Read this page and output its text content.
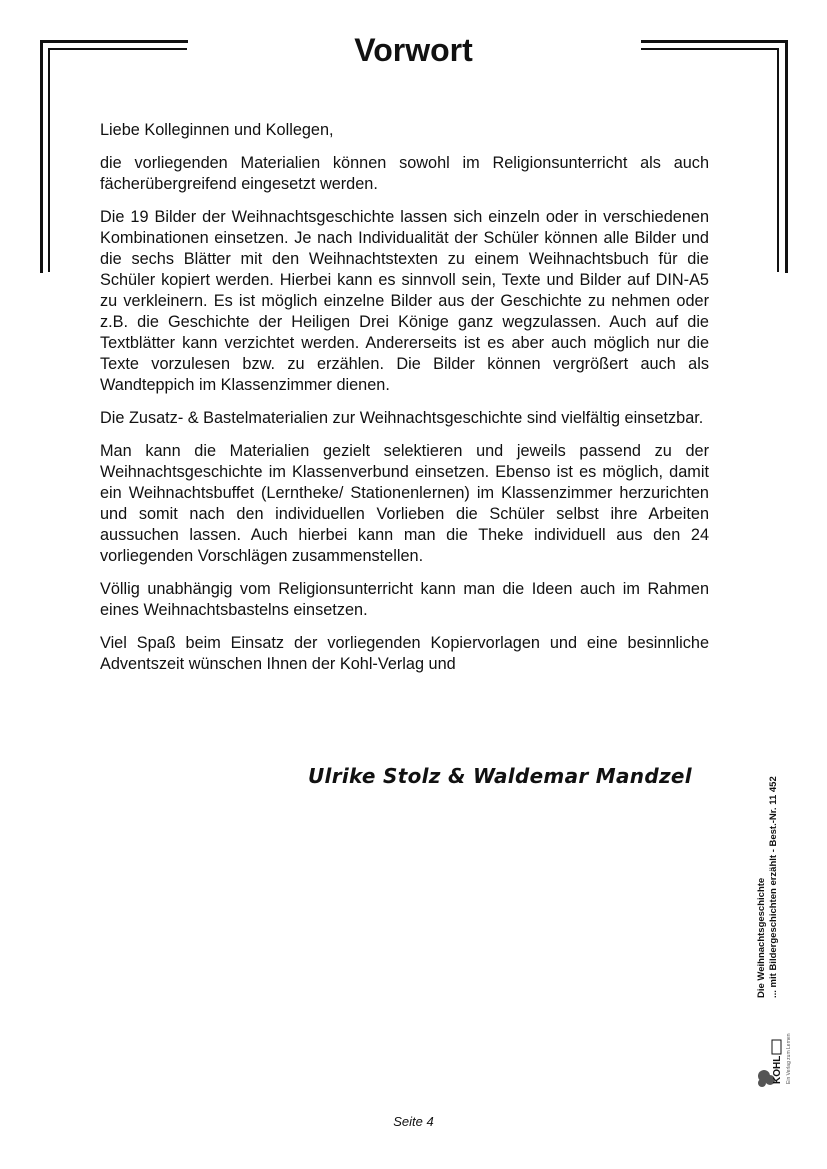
Vorwort

Liebe Kolleginnen und Kollegen,

die vorliegenden Materialien können sowohl im Religionsunterricht als auch fächerübergreifend eingesetzt werden.

Die 19 Bilder der Weihnachtsgeschichte lassen sich einzeln oder in verschiedenen Kombinationen einsetzen. Je nach Individualität der Schüler können alle Bilder und die sechs Blätter mit den Weihnachtstexten zu einem Weihnachtsbuch für die Schüler kopiert werden. Hierbei kann es sinnvoll sein, Texte und Bilder auf DIN-A5 zu verkleinern. Es ist möglich einzelne Bilder aus der Geschichte zu nehmen oder z.B. die Geschichte der Heiligen Drei Könige ganz wegzulassen. Auch auf die Textblätter kann verzichtet werden. Andererseits ist es aber auch möglich nur die Texte vorzulesen bzw. zu erzählen. Die Bilder können vergrößert auch als Wandteppich im Klassenzimmer dienen.

Die Zusatz- & Bastelmaterialien zur Weihnachtsgeschichte sind vielfältig einsetzbar.

Man kann die Materialien gezielt selektieren und jeweils passend zu der Weihnachtsgeschichte im Klassenverbund einsetzen. Ebenso ist es möglich, damit ein Weihnachtsbuffet (Lerntheke/ Stationenlernen) im Klassenzimmer herzurichten und somit nach den individuellen Vorlieben die Schüler selbst ihre Arbeiten aussuchen lassen. Auch hierbei kann man die Theke individuell aus den 24 vorliegenden Vorschlägen zusammenstellen.

Völlig unabhängig vom Religionsunterricht kann man die Ideen auch im Rahmen eines Weihnachtsbastelns einsetzen.

Viel Spaß beim Einsatz der vorliegenden Kopiervorlagen und eine besinnliche Adventszeit wünschen Ihnen der Kohl-Verlag und

Ulrike Stolz & Waldemar Mandzel
Die Weihnachtsgeschichte ... mit Bildergeschichten erzählt - Best.-Nr. 11 452
KOHL Ein Verlag zum Lernen
Seite 4
